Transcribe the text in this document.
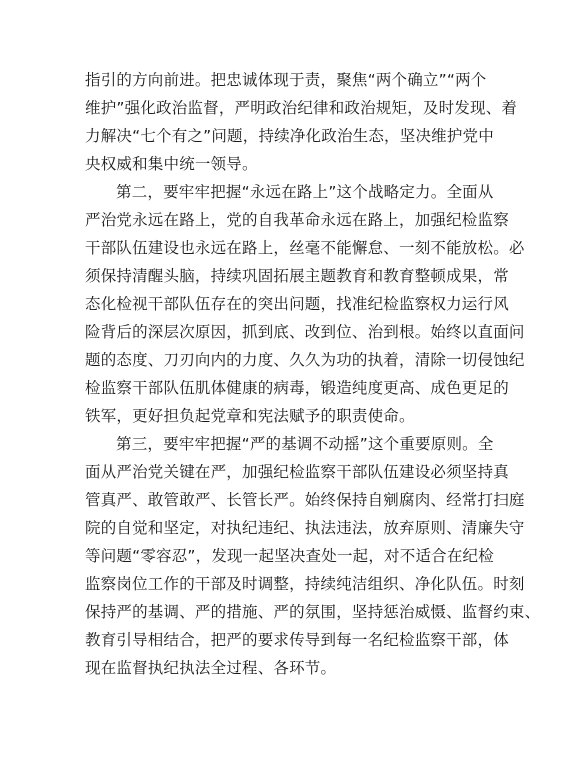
指引的方向前进。把忠诚体现于责，聚焦“两个确立”“两个
维护”强化政治监督，严明政治纪律和政治规矩，及时发现、着
力解决“七个有之”问题，持续净化政治生态，坚决维护党中
央权威和集中统一领导。
第二，要牢牢把握“永远在路上”这个战略定力。全面从
严治党永远在路上，党的自我革命永远在路上，加强纪检监察
干部队伍建设也永远在路上，丝毫不能懈怠、一刻不能放松。必
须保持清醒头脑，持续巩固拓展主题教育和教育整顿成果，常
态化检视干部队伍存在的突出问题，找准纪检监察权力运行风
险背后的深层次原因，抓到底、改到位、治到根。始终以直面问
题的态度、刀刃向内的力度、久久为功的执着，清除一切侵蚀纪
检监察干部队伍肌体健康的病毒，锻造纯度更高、成色更足的
铁军，更好担负起党章和宪法赋予的职责使命。
第三，要牢牢把握“严的基调不动摇”这个重要原则。全
面从严治党关键在严，加强纪检监察干部队伍建设必须坚持真
管真严、敢管敢严、长管长严。始终保持自剜腐肉、经常打扫庭
院的自觉和坚定，对执纪违纪、执法违法，放弃原则、清廉失守
等问题“零容忍”，发现一起坚决查处一起，对不适合在纪检
监察岗位工作的干部及时调整，持续纯洁组织、净化队伍。时刻
保持严的基调、严的措施、严的氛围，坚持惩治威慑、监督约束、
教育引导相结合，把严的要求传导到每一名纪检监察干部，体
现在监督执纪执法全过程、各环节。
